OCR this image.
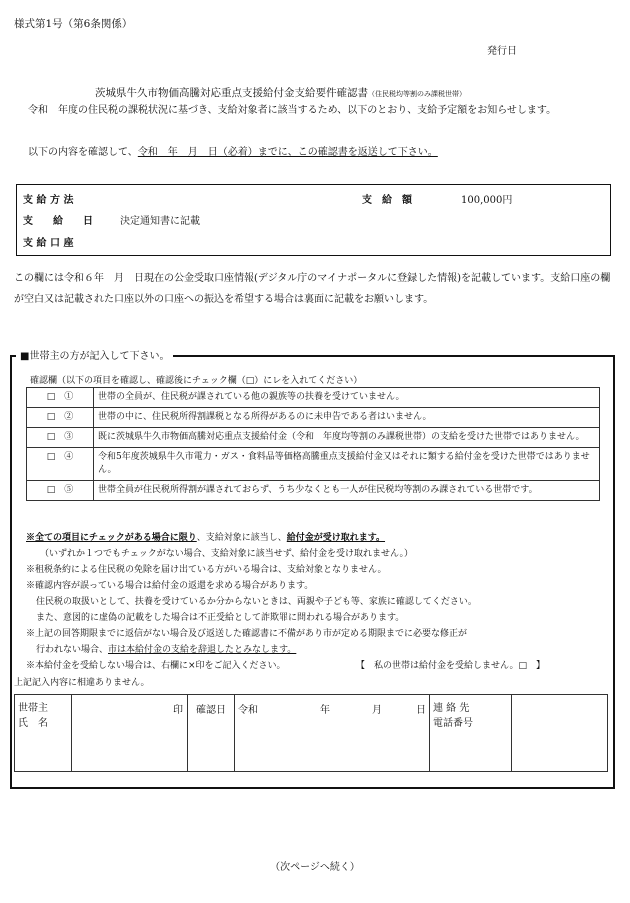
様式第1号（第6条関係）
発行日
茨城県牛久市物価高騰対応重点支援給付金支給要件確認書（住民税均等割のみ課税世帯）
令和　年度の住民税の課税状況に基づき、支給対象者に該当するため、以下のとおり、支給予定額をお知らせします。
以下の内容を確認して、令和　年　月　日（必着）までに、この確認書を返送して下さい。
支 給 方 法	支　給　額	100,000円
支　　給　　日	決定通知書に記載
支 給 口 座
この欄には令和６年　月　日現在の公金受取口座情報(デジタル庁のマイナポータルに登録した情報)を記載しています。支給口座の欄が空白又は記載された口座以外の口座への振込を希望する場合は裏面に記載をお願いします。
■世帯主の方が記入して下さい。
確認欄（以下の項目を確認し、確認後にチェック欄（□）にレを入れてください）
□　①	世帯の全員が、住民税が課されている他の親族等の扶養を受けていません。
□　②	世帯の中に、住民税所得割課税となる所得があるのに未申告である者はいません。
□　③	既に茨城県牛久市物価高騰対応重点支援給付金（令和　年度均等割のみ課税世帯）の支給を受けた世帯ではありません。
□　④	令和5年度茨城県牛久市電力・ガス・食料品等価格高騰重点支援給付金又はそれに類する給付金を受けた世帯ではありません。
□　⑤	世帯全員が住民税所得割が課されておらず、うち少なくとも一人が住民税均等割のみ課されている世帯です。
※全ての項目にチェックがある場合に限り、支給対象に該当し、給付金が受け取れます。
（いずれか１つでもチェックがない場合、支給対象に該当せず、給付金を受け取れません。）
※租税条約による住民税の免除を届け出ている方がいる場合は、支給対象となりません。
※確認内容が誤っている場合は給付金の返還を求める場合があります。
住民税の取扱いとして、扶養を受けているか分からないときは、両親や子ども等、家族に確認してください。
また、意図的に虚偽の記載をした場合は不正受給として詐欺罪に問われる場合があります。
※上記の回答期限までに返信がない場合及び返送した確認書に不備があり市が定める期限までに必要な修正が
行われない場合、市は本給付金の支給を辞退したとみなします。
※本給付金を受給しない場合は、右欄に×印をご記入ください。	【　私の世帯は給付金を受給しません。□　】
上記記入内容に相違ありません。
世帯主
氏　名	印	確認日	令和	年	月	日	連 絡 先
電話番号	
（次ページへ続く）
